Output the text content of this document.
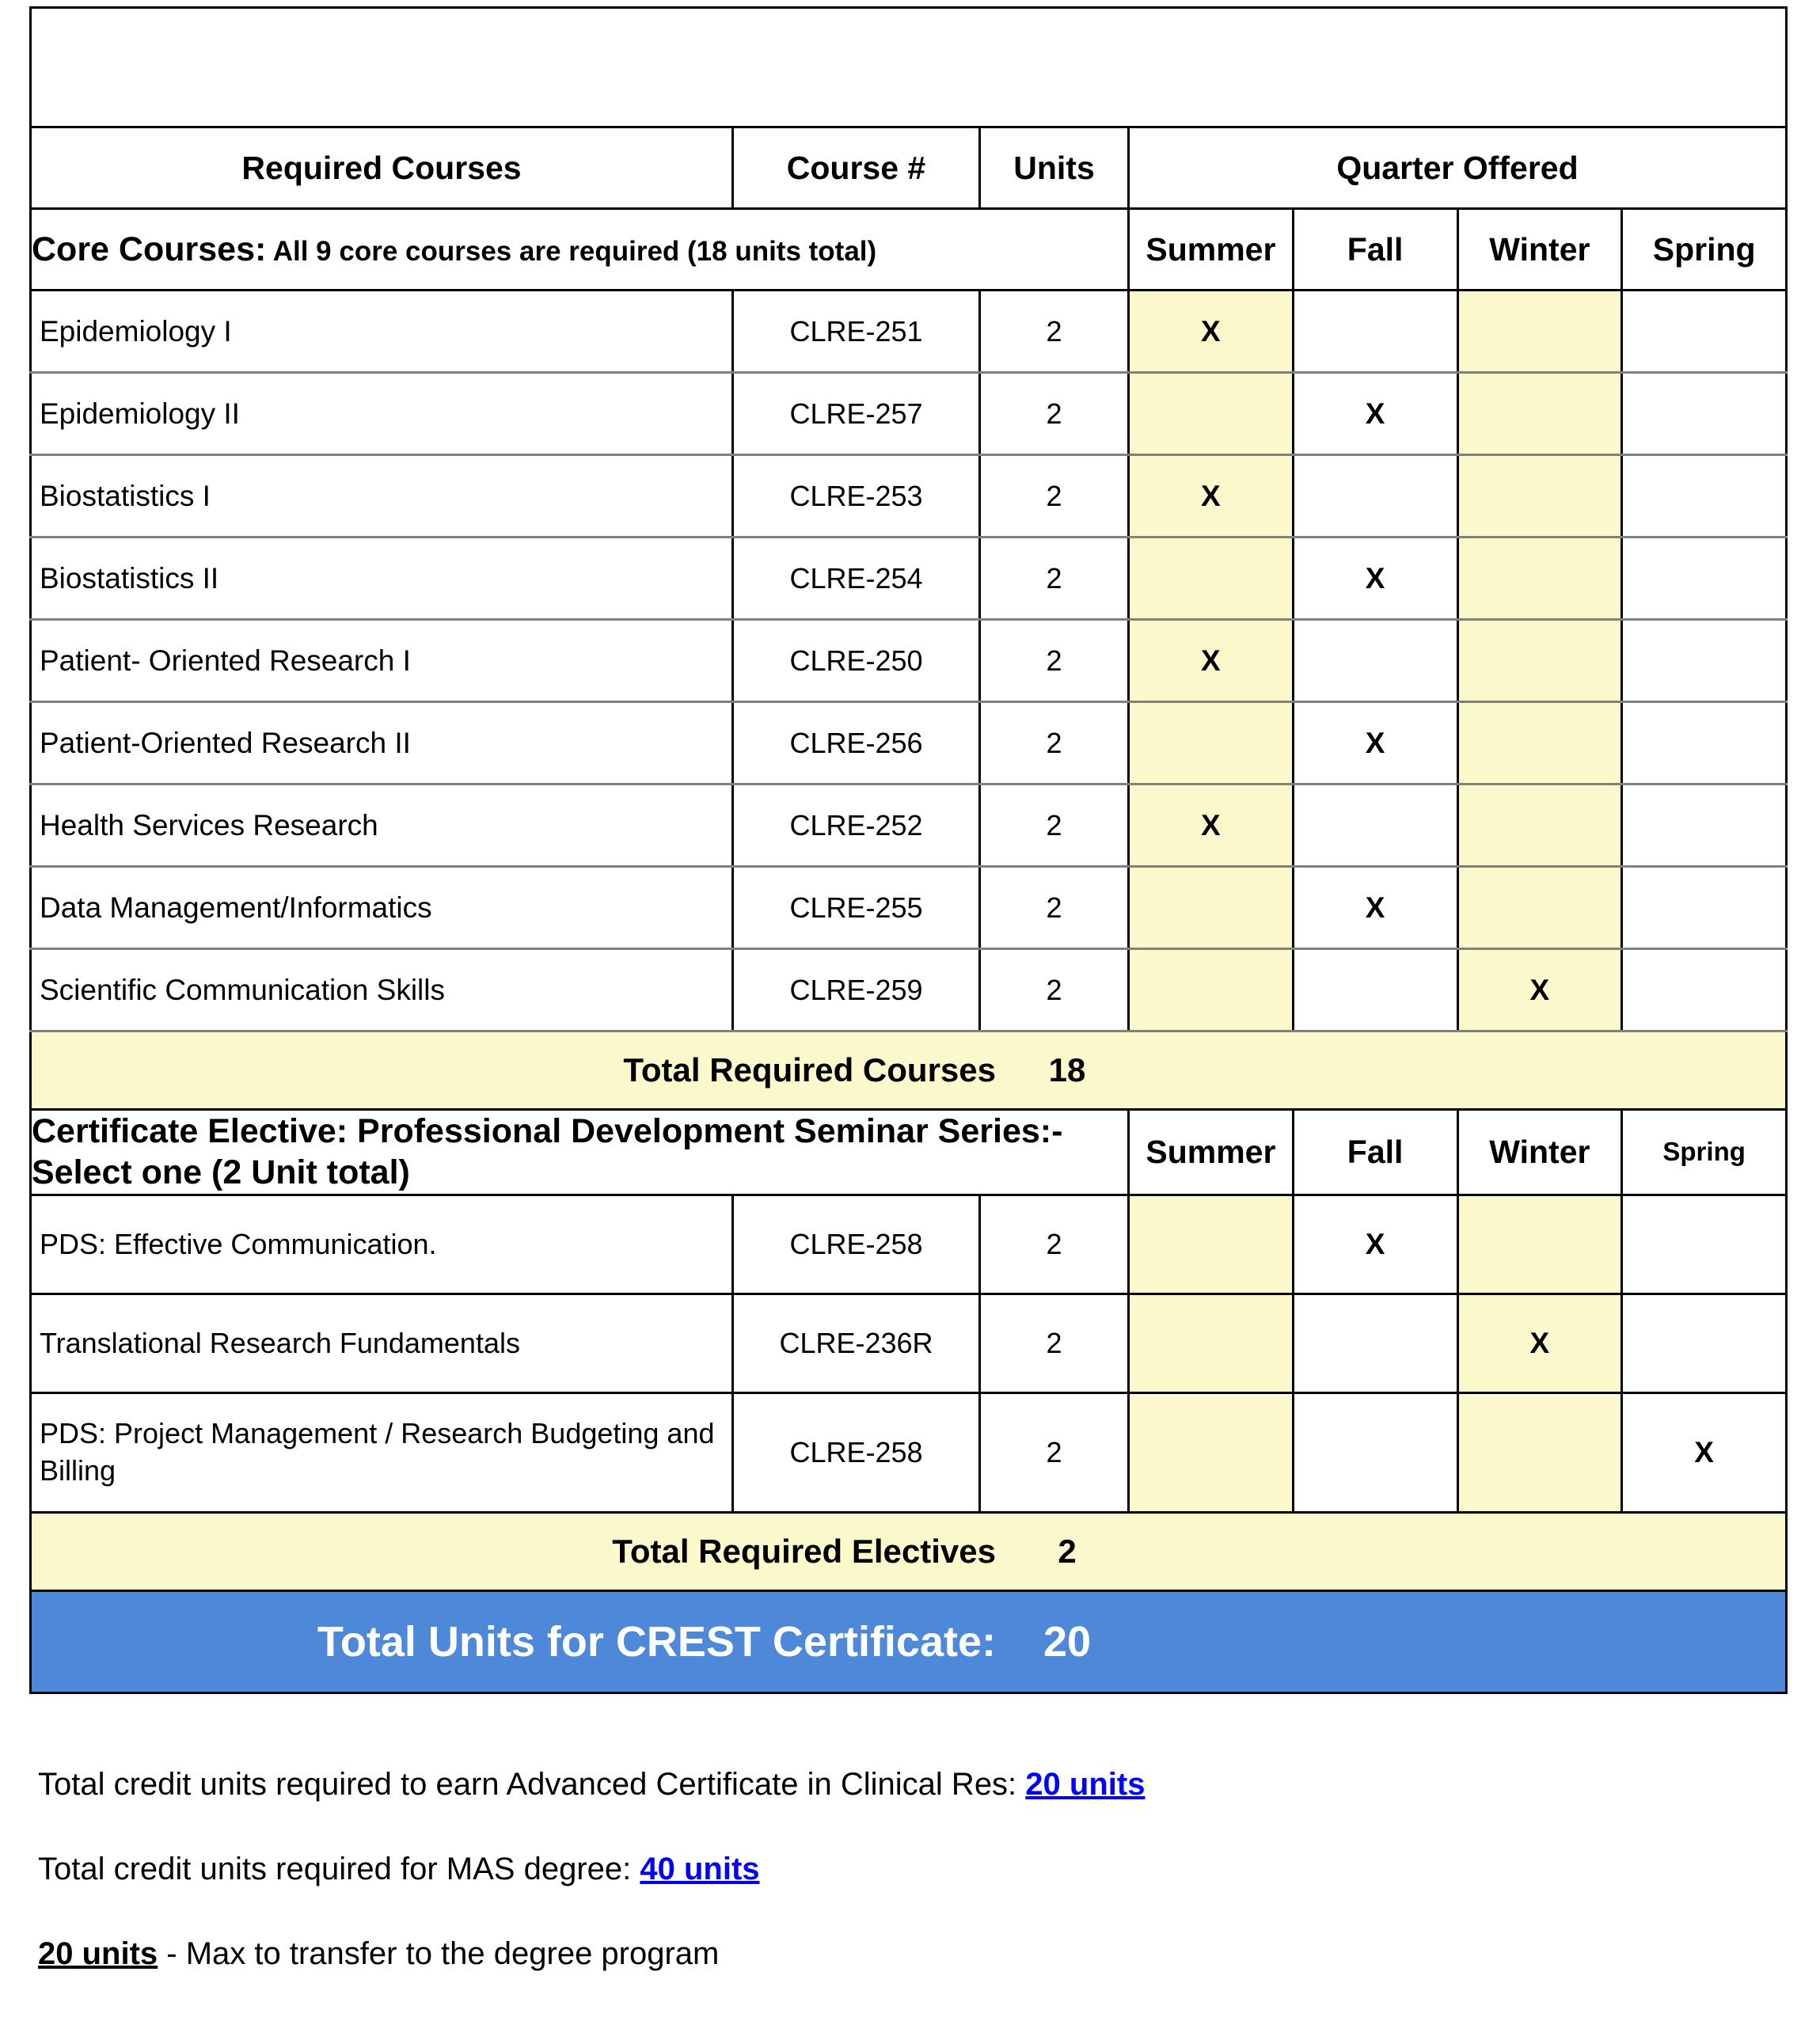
CREST Curriculum Overview						
Required Courses	Course #	Units	Quarter Offered			
Core Courses: All 9 core courses are required (18 units total)			Summer	Fall	Winter	Spring
Epidemiology I	CLRE-251	2	X			
Epidemiology II	CLRE-257	2		X		
Biostatistics I	CLRE-253	2	X			
Biostatistics II	CLRE-254	2		X		
Patient- Oriented Research I	CLRE-250	2	X			
Patient-Oriented Research II	CLRE-256	2		X		
Health Services Research	CLRE-252	2	X			
Data Management/Informatics	CLRE-255	2		X		
Scientific Communication Skills	CLRE-259	2			X	

Total Required Courses 18						

Certificate Elective: Professional Development Seminar Series:-
Select one (2 Unit total)			Summer	Fall	Winter	Spring
PDS: Effective Communication.	CLRE-258	2		X		
Translational Research Fundamentals	CLRE-236R	2			X	
PDS: Project Management / Research Budgeting and Billing	CLRE-258	2				X

Total Required Electives 2						

Total Units for CREST Certificate: 20						
Total credit units required to earn Advanced Certificate in Clinical Res: 20 units
Total credit units required for MAS degree: 40 units
20 units - Max to transfer to the degree program
